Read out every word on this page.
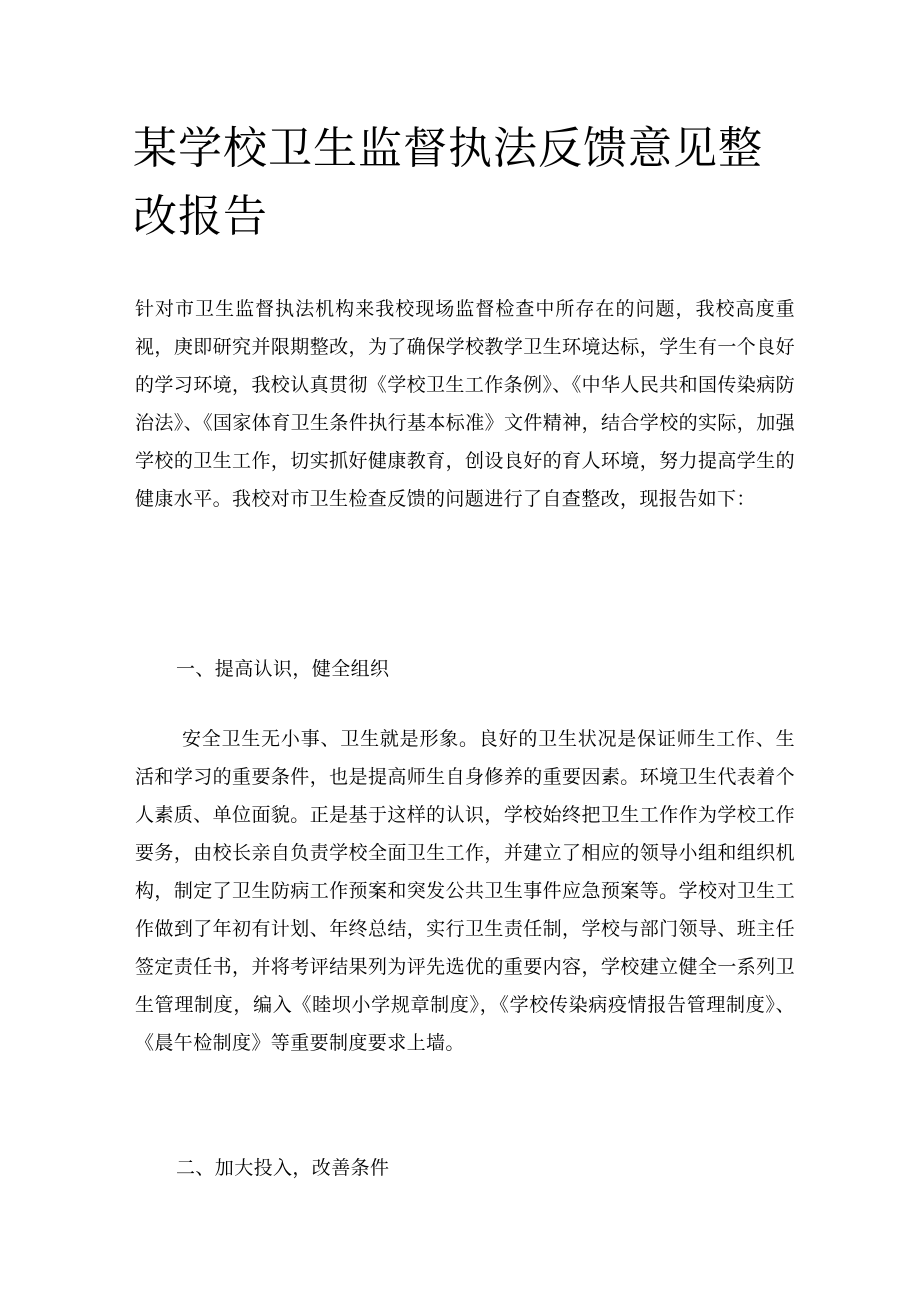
某学校卫生监督执法反馈意见整改报告

针对市卫生监督执法机构来我校现场监督检查中所存在的问题，我校高度重视，庚即研究并限期整改，为了确保学校教学卫生环境达标，学生有一个良好的学习环境，我校认真贯彻《学校卫生工作条例》、《中华人民共和国传染病防治法》、《国家体育卫生条件执行基本标准》文件精神，结合学校的实际，加强学校的卫生工作，切实抓好健康教育，创设良好的育人环境，努力提高学生的健康水平。我校对市卫生检查反馈的问题进行了自查整改，现报告如下：

一、提高认识，健全组织

安全卫生无小事、卫生就是形象。良好的卫生状况是保证师生工作、生活和学习的重要条件，也是提高师生自身修养的重要因素。环境卫生代表着个人素质、单位面貌。正是基于这样的认识，学校始终把卫生工作作为学校工作要务，由校长亲自负责学校全面卫生工作，并建立了相应的领导小组和组织机构，制定了卫生防病工作预案和突发公共卫生事件应急预案等。学校对卫生工作做到了年初有计划、年终总结，实行卫生责任制，学校与部门领导、班主任签定责任书，并将考评结果列为评先选优的重要内容，学校建立健全一系列卫生管理制度，编入《睦坝小学规章制度》，《学校传染病疫情报告管理制度》、《晨午检制度》等重要制度要求上墙。

二、加大投入，改善条件
